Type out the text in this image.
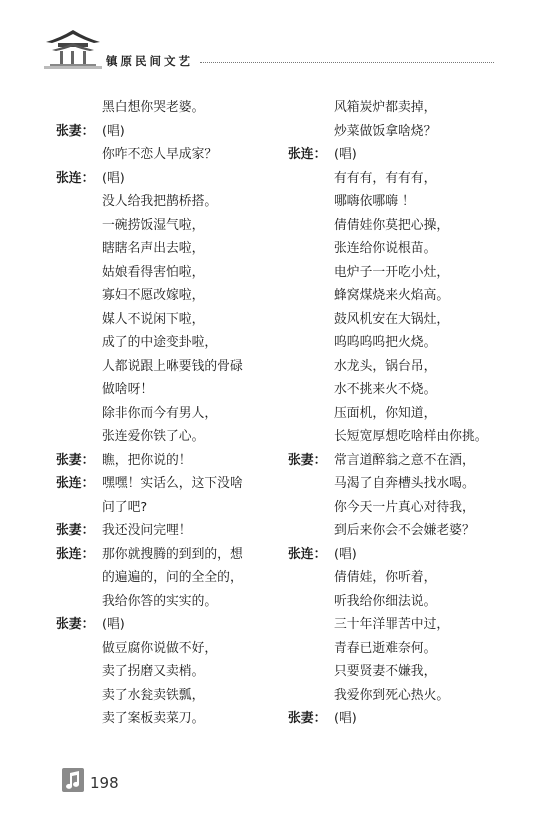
镇原民间文艺
黑白想你哭老婆。
张妻： (唱)
你咋不恋人早成家？
张连： (唱)
没人给我把鹊桥搭。
一碗捞饭湿气啦，
瞎瞎名声出去啦，
姑娘看得害怕啦，
寡妇不愿改嫁啦，
媒人不说闲下啦，
成了的中途变卦啦，
人都说跟上咻要钱的骨碌
做啥呀！
除非你而今有男人，
张连爱你铁了心。
张妻： 瞧，把你说的！
张连： 嘿嘿！实话么，这下没啥
问了吧?
张妻： 我还没问完哩！
张连： 那你就搜腾的到到的，想
的遍遍的，问的全全的，
我给你答的实实的。
张妻： (唱)
做豆腐你说做不好，
卖了拐磨又卖梢。
卖了水瓮卖铁瓢，
卖了案板卖菜刀。
风箱炭炉都卖掉，
炒菜做饭拿啥烧？
张连： (唱)
有有有，有有有，
哪嗨依哪嗨 ！
倩倩娃你莫把心操，
张连给你说根苗。
电炉子一开吃小灶，
蜂窝煤烧来火焰高。
鼓风机安在大锅灶，
呜呜呜呜把火烧。
水龙头，锅台吊，
水不挑来火不烧。
压面机，你知道，
长短宽厚想吃啥样由你挑。
张妻： 常言道醉翁之意不在酒，
马渴了自奔槽头找水喝。
你今天一片真心对待我，
到后来你会不会嫌老婆？
张连： (唱)
倩倩娃，你听着，
听我给你细法说。
三十年洋罪苦中过，
青春已逝难奈何。
只要贤妻不嫌我，
我爱你到死心热火。
张妻： (唱)
198
